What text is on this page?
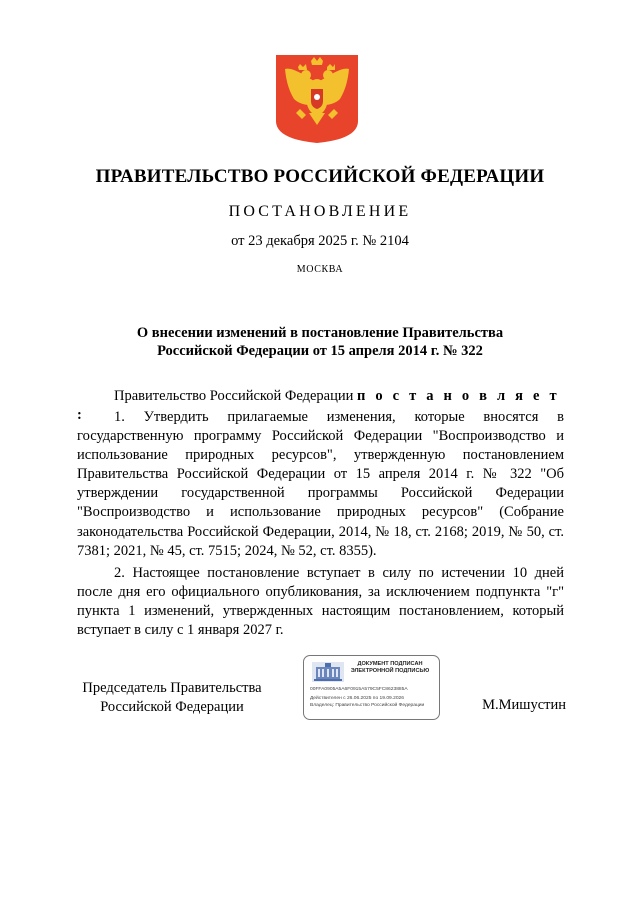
ПРАВИТЕЛЬСТВО РОССИЙСКОЙ ФЕДЕРАЦИИ
ПОСТАНОВЛЕНИЕ
от 23 декабря 2025 г. № 2104
МОСКВА
О внесении изменений в постановление Правительства
Российской Федерации от 15 апреля 2014 г. № 322
Правительство Российской Федерации п о с т а н о в л я е т :	1. Утвердить прилагаемые изменения, которые вносятся в государственную программу Российской Федерации "Воспроизводство и использование природных ресурсов", утвержденную постановлением Правительства Российской Федерации от 15 апреля 2014 г. № 322 "Об утверждении государственной программы Российской Федерации "Воспроизводство и использование природных ресурсов" (Собрание законодательства Российской Федерации, 2014, № 18, ст. 2168; 2019, № 50, ст. 7381; 2021, № 45, ст. 7515; 2024, № 52, ст. 8355).
2. Настоящее постановление вступает в силу по истечении 10 дней после дня его официального опубликования, за исключением подпункта "г" пункта 1 изменений, утвержденных настоящим постановлением, который вступает в силу с 1 января 2027 г.
Председатель Правительства
Российской Федерации
ДОКУМЕНТ ПОДПИСАН
ЭЛЕКТРОННОЙ ПОДПИСЬЮ
00FFA0905A5A6F0915A579C5FC8623885A
Действителен с 26.06.2025 по 19.09.2026
Владелец: Правительство Российской Федерации	М.Мишустин
